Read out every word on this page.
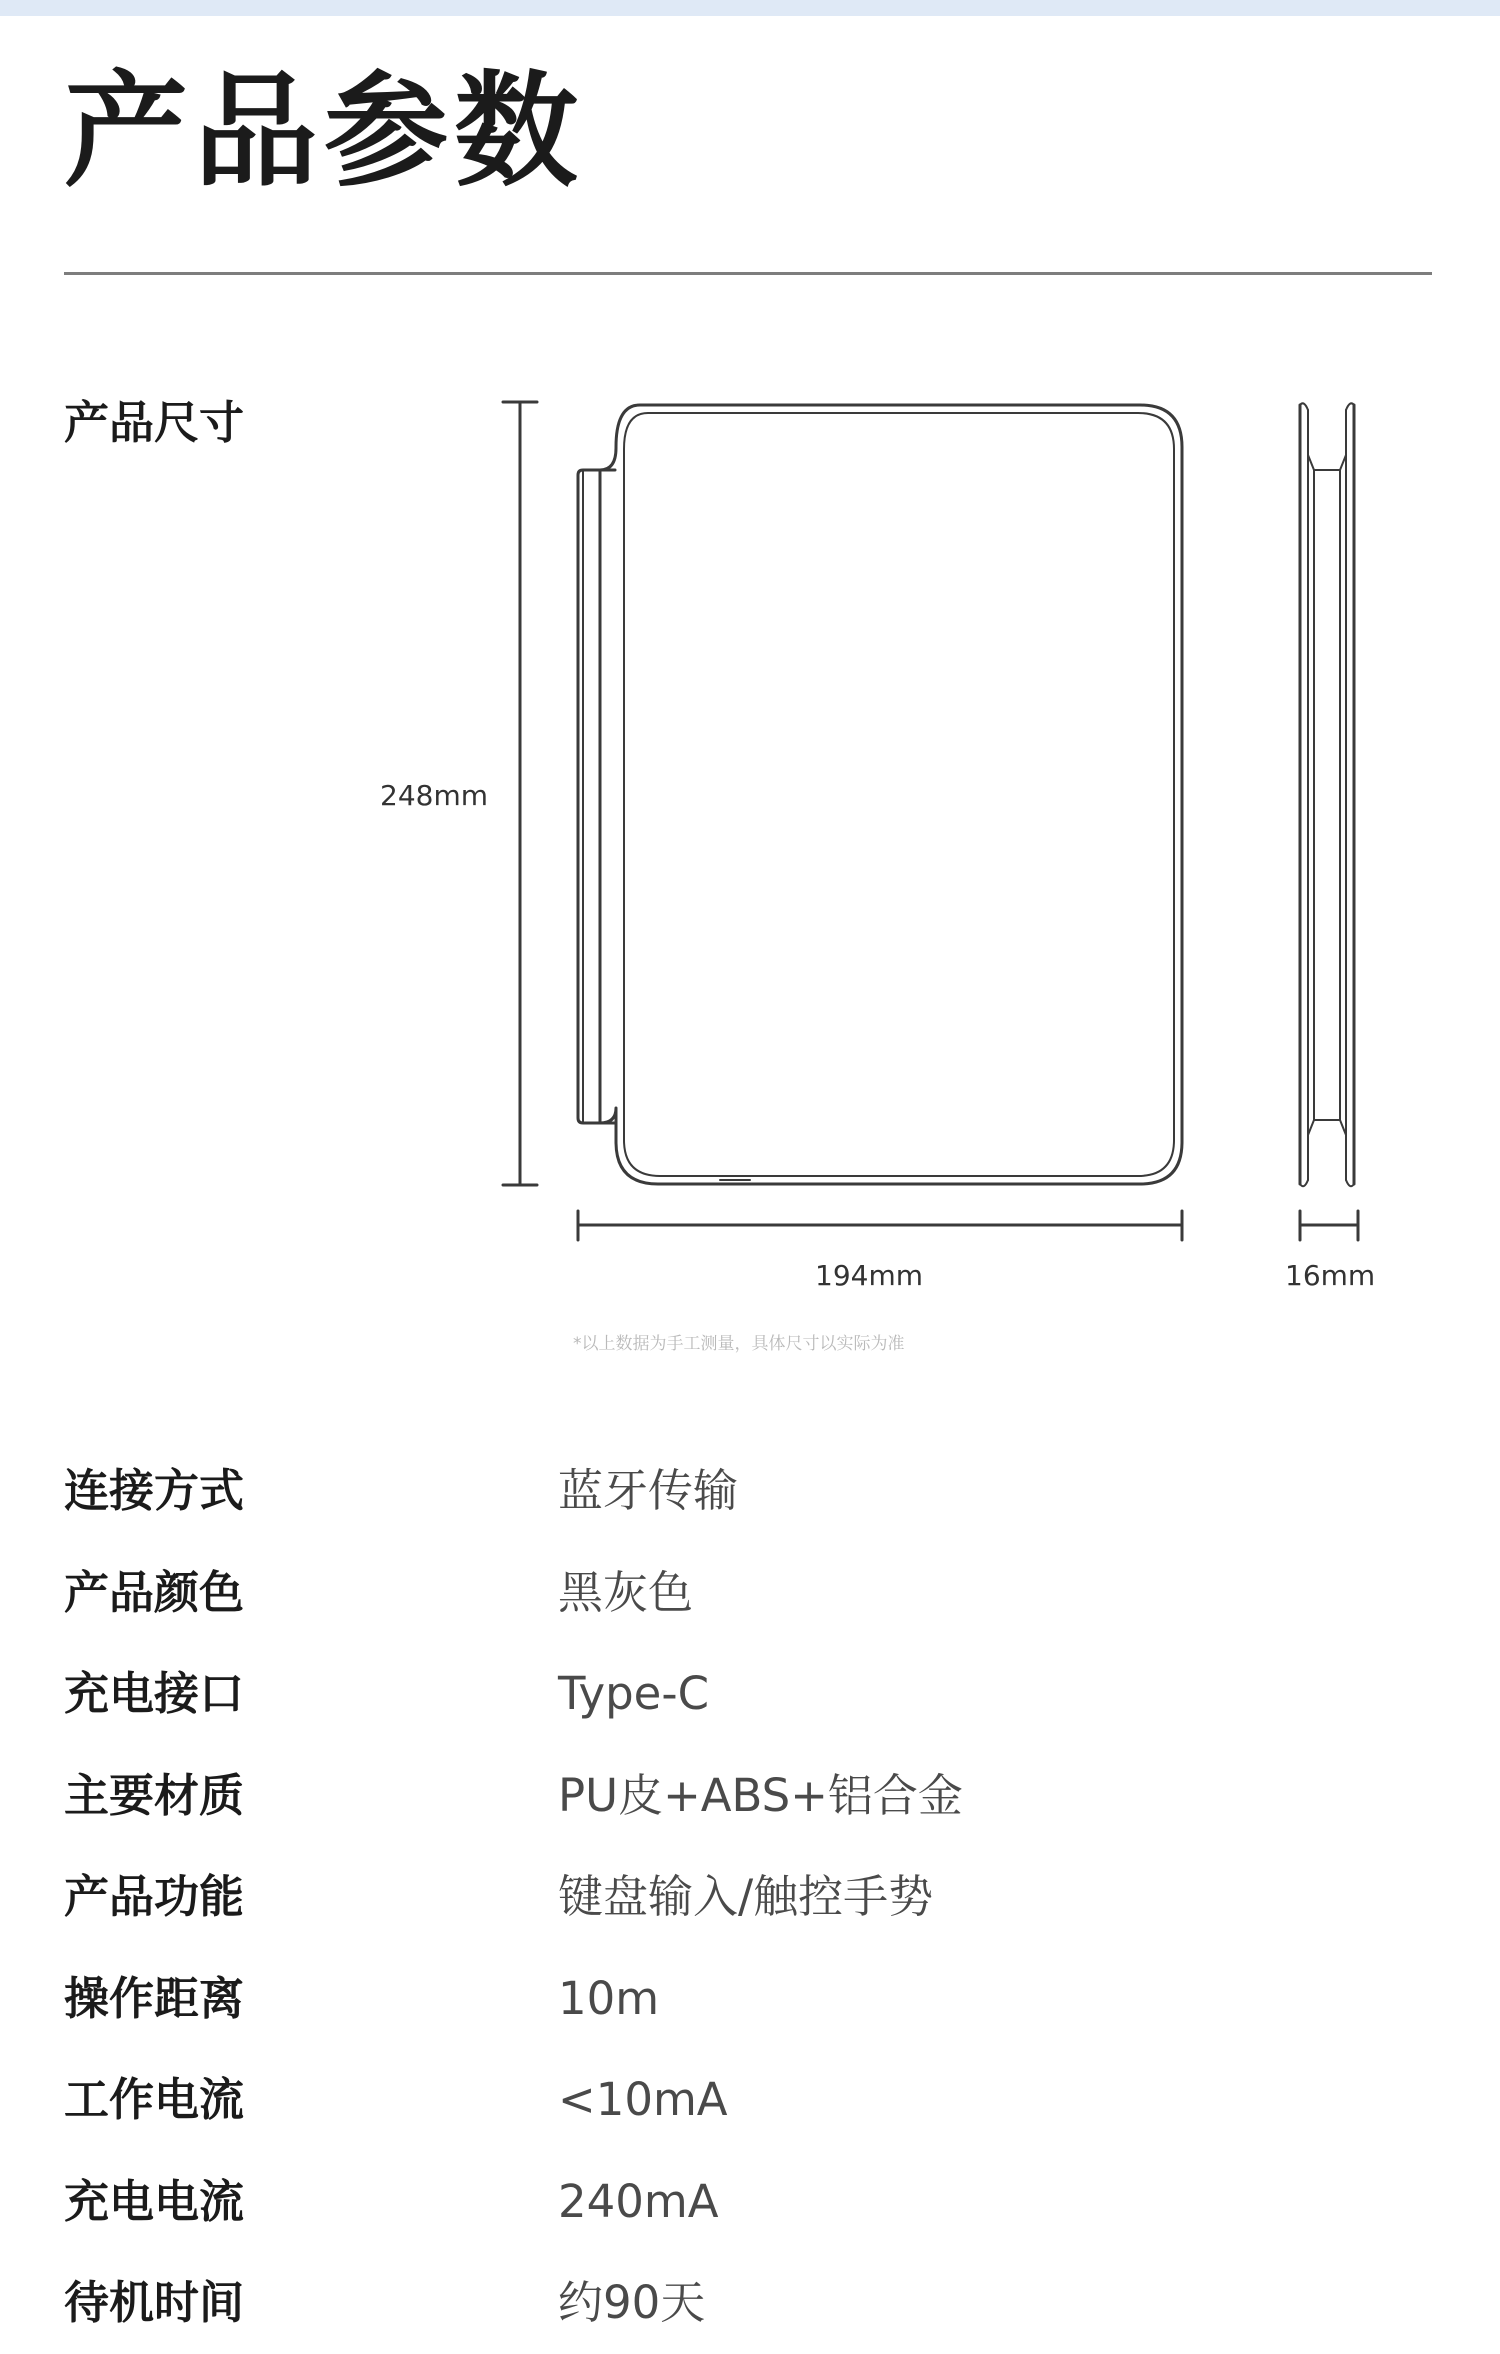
产品参数
产品尺寸
248mm
194mm	16mm
*以上数据为手工测量，具体尺寸以实际为准
连接方式	蓝牙传输
产品颜色	黑灰色
充电接口	Type-C
主要材质	PU皮+ABS+铝合金
产品功能	键盘输入/触控手势
操作距离	10m
工作电流	<10mA
充电电流	240mA
待机时间	约90天
